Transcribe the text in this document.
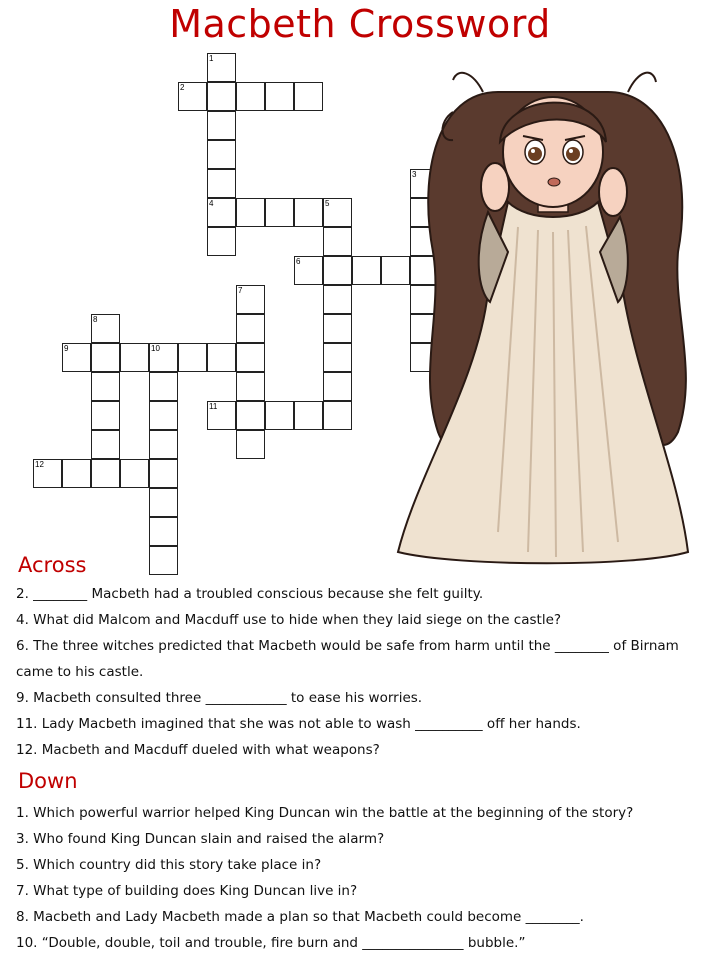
Macbeth Crossword
1
4
2
3
5
6
7
8
9	10
11
12
Across
2. ________ Macbeth had a troubled conscious because she felt guilty.
4. What did Malcom and Macduff use to hide when they laid siege on the castle?
6. The three witches predicted that Macbeth would be safe from harm until the ________ of Birnam
came to his castle.
9. Macbeth consulted three ____________ to ease his worries.
11. Lady Macbeth imagined that she was not able to wash __________ off her hands.
12. Macbeth and Macduff dueled with what weapons?
Down
1. Which powerful warrior helped King Duncan win the battle at the beginning of the story?
3. Who found King Duncan slain and raised the alarm?
5. Which country did this story take place in?
7. What type of building does King Duncan live in?
8. Macbeth and Lady Macbeth made a plan so that Macbeth could become ________.
10. “Double, double, toil and trouble, fire burn and _______________ bubble.”
